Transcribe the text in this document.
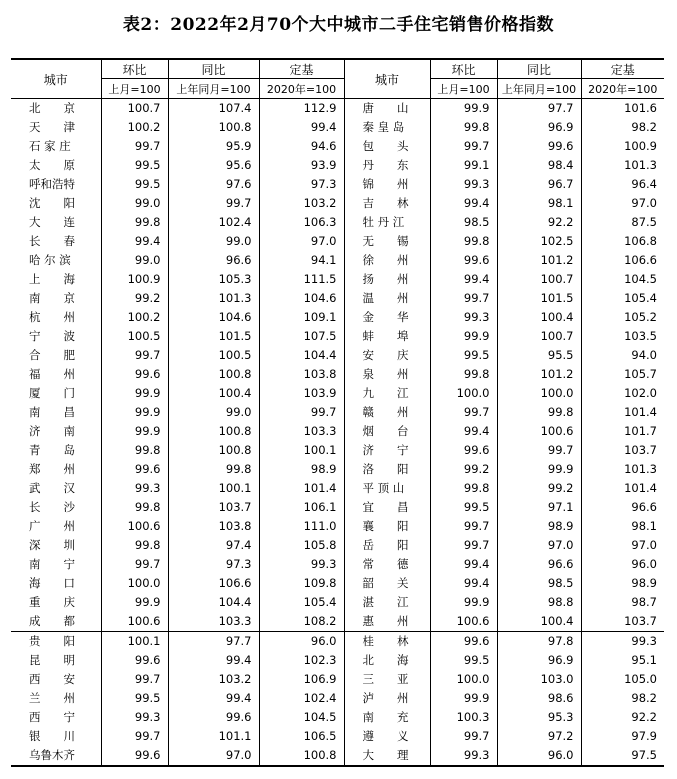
表2：2022年2月70个大中城市二手住宅销售价格指数
城市	环比	同比	定基	城市	环比	同比	定基
	上月=100	上年同月=100	2020年=100		上月=100	上年同月=100	2020年=100
北　　京	100.7	107.4	112.9	唐　　山	99.9	97.7	101.6
天　　津	100.2	100.8	99.4	秦 皇 岛	99.8	96.9	98.2
石 家 庄	99.7	95.9	94.6	包　　头	99.7	99.6	100.9
太　　原	99.5	95.6	93.9	丹　　东	99.1	98.4	101.3
呼和浩特	99.5	97.6	97.3	锦　　州	99.3	96.7	96.4
沈　　阳	99.0	99.7	103.2	吉　　林	99.4	98.1	97.0
大　　连	99.8	102.4	106.3	牡 丹 江	98.5	92.2	87.5
长　　春	99.4	99.0	97.0	无　　锡	99.8	102.5	106.8
哈 尔 滨	99.0	96.6	94.1	徐　　州	99.6	101.2	106.6
上　　海	100.9	105.3	111.5	扬　　州	99.4	100.7	104.5
南　　京	99.2	101.3	104.6	温　　州	99.7	101.5	105.4
杭　　州	100.2	104.6	109.1	金　　华	99.3	100.4	105.2
宁　　波	100.5	101.5	107.5	蚌　　埠	99.9	100.7	103.5
合　　肥	99.7	100.5	104.4	安　　庆	99.5	95.5	94.0
福　　州	99.6	100.8	103.8	泉　　州	99.8	101.2	105.7
厦　　门	99.9	100.4	103.9	九　　江	100.0	100.0	102.0
南　　昌	99.9	99.0	99.7	赣　　州	99.7	99.8	101.4
济　　南	99.9	100.8	103.3	烟　　台	99.4	100.6	101.7
青　　岛	99.8	100.8	100.1	济　　宁	99.6	99.7	103.7
郑　　州	99.6	99.8	98.9	洛　　阳	99.2	99.9	101.3
武　　汉	99.3	100.1	101.4	平 顶 山	99.8	99.2	101.4
长　　沙	99.8	103.7	106.1	宜　　昌	99.5	97.1	96.6
广　　州	100.6	103.8	111.0	襄　　阳	99.7	98.9	98.1
深　　圳	99.8	97.4	105.8	岳　　阳	99.7	97.0	97.0
南　　宁	99.7	97.3	99.3	常　　德	99.4	96.6	96.0
海　　口	100.0	106.6	109.8	韶　　关	99.4	98.5	98.9
重　　庆	99.9	104.4	105.4	湛　　江	99.9	98.8	98.7
成　　都	100.6	103.3	108.2	惠　　州	100.6	100.4	103.7
贵　　阳	100.1	97.7	96.0	桂　　林	99.6	97.8	99.3
昆　　明	99.6	99.4	102.3	北　　海	99.5	96.9	95.1
西　　安	99.7	103.2	106.9	三　　亚	100.0	103.0	105.0
兰　　州	99.5	99.4	102.4	泸　　州	99.9	98.6	98.2
西　　宁	99.3	99.6	104.5	南　　充	100.3	95.3	92.2
银　　川	99.7	101.1	106.5	遵　　义	99.7	97.2	97.9
乌鲁木齐	99.6	97.0	100.8	大　　理	99.3	96.0	97.5
